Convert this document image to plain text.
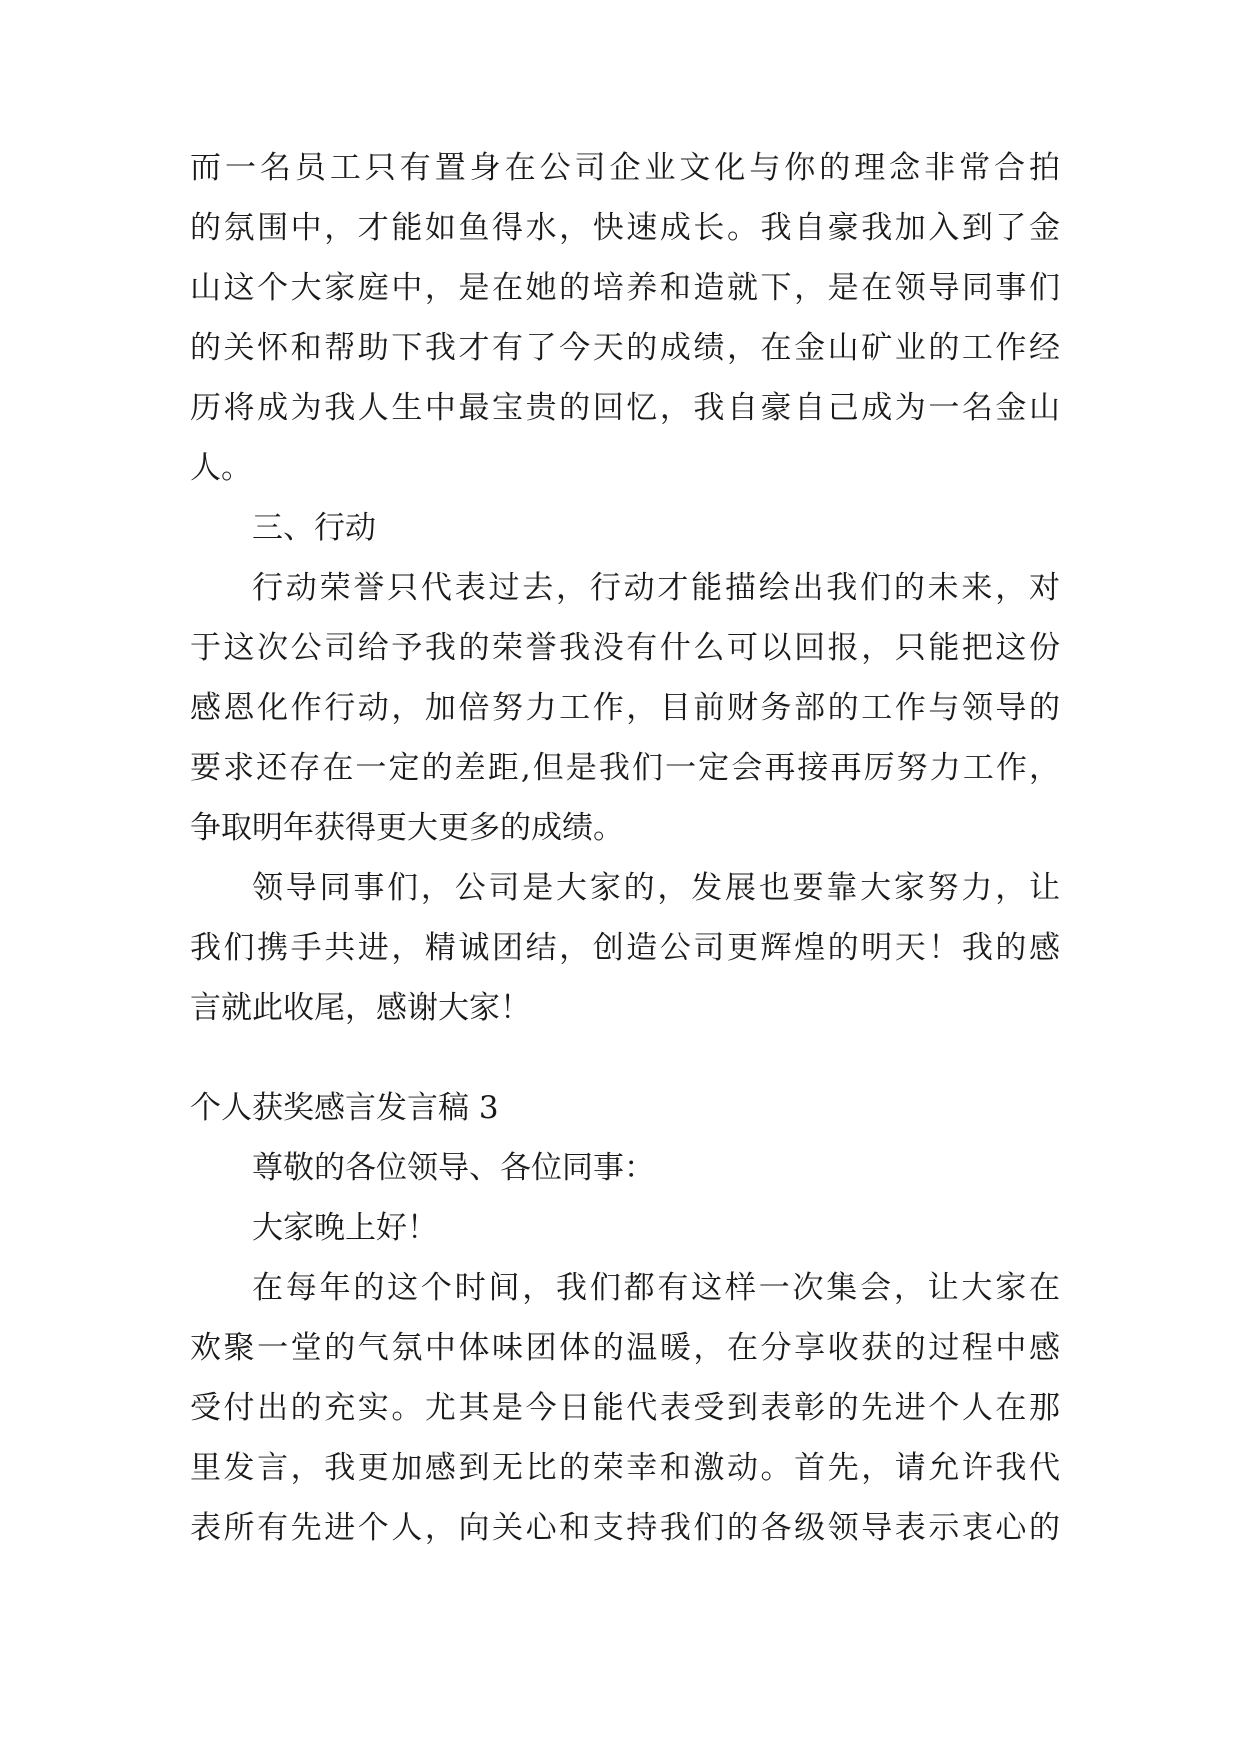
而一名员工只有置身在公司企业文化与你的理念非常合拍
的氛围中，才能如鱼得水，快速成长。我自豪我加入到了金
山这个大家庭中，是在她的培养和造就下，是在领导同事们
的关怀和帮助下我才有了今天的成绩，在金山矿业的工作经
历将成为我人生中最宝贵的回忆，我自豪自己成为一名金山
人。
三、行动
行动荣誉只代表过去，行动才能描绘出我们的未来，对
于这次公司给予我的荣誉我没有什么可以回报，只能把这份
感恩化作行动，加倍努力工作，目前财务部的工作与领导的
要求还存在一定的差距,但是我们一定会再接再厉努力工作，
争取明年获得更大更多的成绩。
领导同事们，公司是大家的，发展也要靠大家努力，让
我们携手共进，精诚团结，创造公司更辉煌的明天！我的感
言就此收尾，感谢大家！
个人获奖感言发言稿 3
尊敬的各位领导、各位同事：
大家晚上好！
在每年的这个时间，我们都有这样一次集会，让大家在
欢聚一堂的气氛中体味团体的温暖，在分享收获的过程中感
受付出的充实。尤其是今日能代表受到表彰的先进个人在那
里发言，我更加感到无比的荣幸和激动。首先，请允许我代
表所有先进个人，向关心和支持我们的各级领导表示衷心的
